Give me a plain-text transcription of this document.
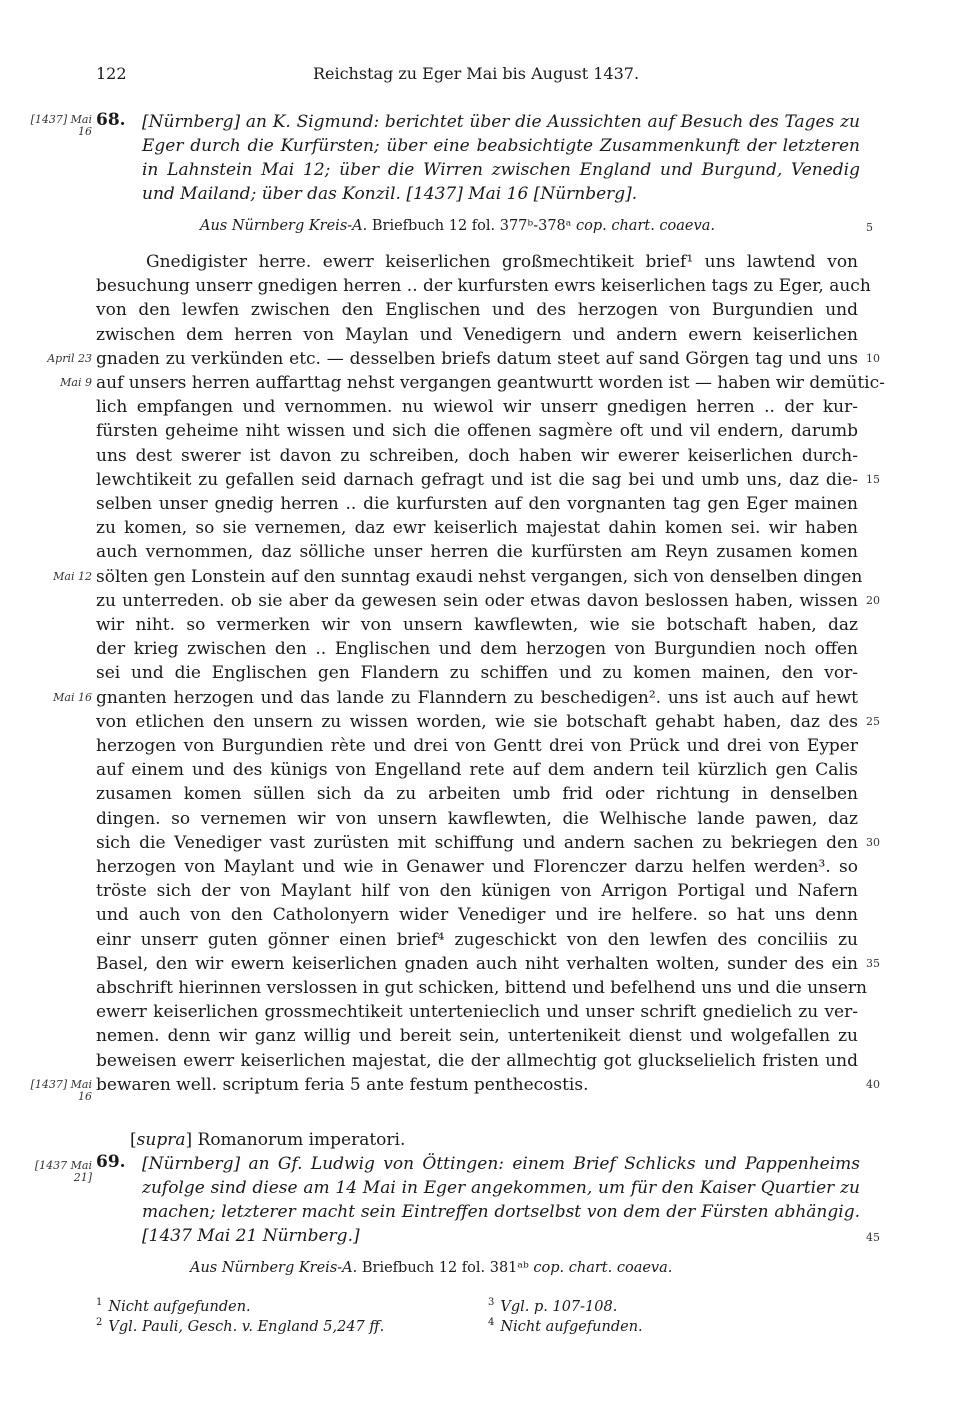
122	Reichstag zu Eger Mai bis August 1437.
[1437] Mai 16
68. [Nürnberg] an K. Sigmund: berichtet über die Aussichten auf Besuch des Tages zu Eger durch die Kurfürsten; über eine beabsichtigte Zusammenkunft der letzteren in Lahnstein Mai 12; über die Wirren zwischen England und Burgund, Venedig und Mailand; über das Konzil. [1437] Mai 16 [Nürnberg].

Aus Nürnberg Kreis-A. Briefbuch 12 fol. 377ᵇ-378ᵃ cop. chart. coaeva.	5
Gnedigister herre. ewerr keiserlichen großmechtikeit brief¹ uns lawtend von
besuchung unserr gnedigen herren .. der kurfursten ewrs keiserlichen tags zu Eger, auch
von den lewfen zwischen den Englischen und des herzogen von Burgundien und
zwischen dem herren von Maylan und Venedigern und andern ewern keiserlichen
gnaden zu verkünden etc. — desselben briefs datum steet auf sand Görgen tag und uns
auf unsers herren auffarttag nehst vergangen geantwurtt worden ist — haben wir demütic-
lich empfangen und vernommen. nu wiewol wir unserr gnedigen herren .. der kur-
fürsten geheime niht wissen und sich die offenen sagmère oft und vil endern, darumb
uns dest swerer ist davon zu schreiben, doch haben wir ewerer keiserlichen durch-
lewchtikeit zu gefallen seid darnach gefragt und ist die sag bei und umb uns, daz die-
selben unser gnedig herren .. die kurfursten auf den vorgnanten tag gen Eger mainen
zu komen, so sie vernemen, daz ewr keiserlich majestat dahin komen sei. wir haben
auch vernommen, daz sölliche unser herren die kurfürsten am Reyn zusamen komen
sölten gen Lonstein auf den sunntag exaudi nehst vergangen, sich von denselben dingen
zu unterreden. ob sie aber da gewesen sein oder etwas davon beslossen haben, wissen
wir niht. so vermerken wir von unsern kawflewten, wie sie botschaft haben, daz
der krieg zwischen den .. Englischen und dem herzogen von Burgundien noch offen
sei und die Englischen gen Flandern zu schiffen und zu komen mainen, den vor-
gnanten herzogen und das lande zu Flanndern zu beschedigen². uns ist auch auf hewt
von etlichen den unsern zu wissen worden, wie sie botschaft gehabt haben, daz des
herzogen von Burgundien rète und drei von Gentt drei von Prück und drei von Eyper
auf einem und des künigs von Engelland rete auf dem andern teil kürzlich gen Calis
zusamen komen süllen sich da zu arbeiten umb frid oder richtung in denselben
dingen. so vernemen wir von unsern kawflewten, die Welhische lande pawen, daz
sich die Venediger vast zurüsten mit schiffung und andern sachen zu bekriegen den
herzogen von Maylant und wie in Genawer und Florenczer darzu helfen werden³. so
tröste sich der von Maylant hilf von den künigen von Arrigon Portigal und Nafern
und auch von den Catholonyern wider Venediger und ire helfere. so hat uns denn
einr unserr guten gönner einen brief⁴ zugeschickt von den lewfen des conciliis zu
Basel, den wir ewern keiserlichen gnaden auch niht verhalten wolten, sunder des ein
abschrift hierinnen verslossen in gut schicken, bittend und befelhend uns und die unsern
ewerr keiserlichen grossmechtikeit untertenieclich und unser schrift gnedielich zu ver-
nemen. denn wir ganz willig und bereit sein, untertenikeit dienst und wolgefallen zu
beweisen ewerr keiserlichen majestat, die der allmechtig got gluckselielich fristen und
bewaren well. scriptum feria 5 ante festum penthecostis.
April 23
Mai 9
Mai 12
Mai 16
[1437] Mai 16
10
15
20
25
30
35
40
[supra] Romanorum imperatori.
[1437 Mai 21]
69. [Nürnberg] an Gf. Ludwig von Öttingen: einem Brief Schlicks und Pappenheims zufolge sind diese am 14 Mai in Eger angekommen, um für den Kaiser Quartier zu machen; letzterer macht sein Eintreffen dortselbst von dem der Fürsten abhängig. [1437 Mai 21 Nürnberg.]	45
Aus Nürnberg Kreis-A. Briefbuch 12 fol. 381ᵃᵇ cop. chart. coaeva.
$^1$ Nicht aufgefunden.
$^2$ Vgl. Pauli, Gesch. v. England 5,247 ff.
$^3$ Vgl. p. 107-108.
$^4$ Nicht aufgefunden.
